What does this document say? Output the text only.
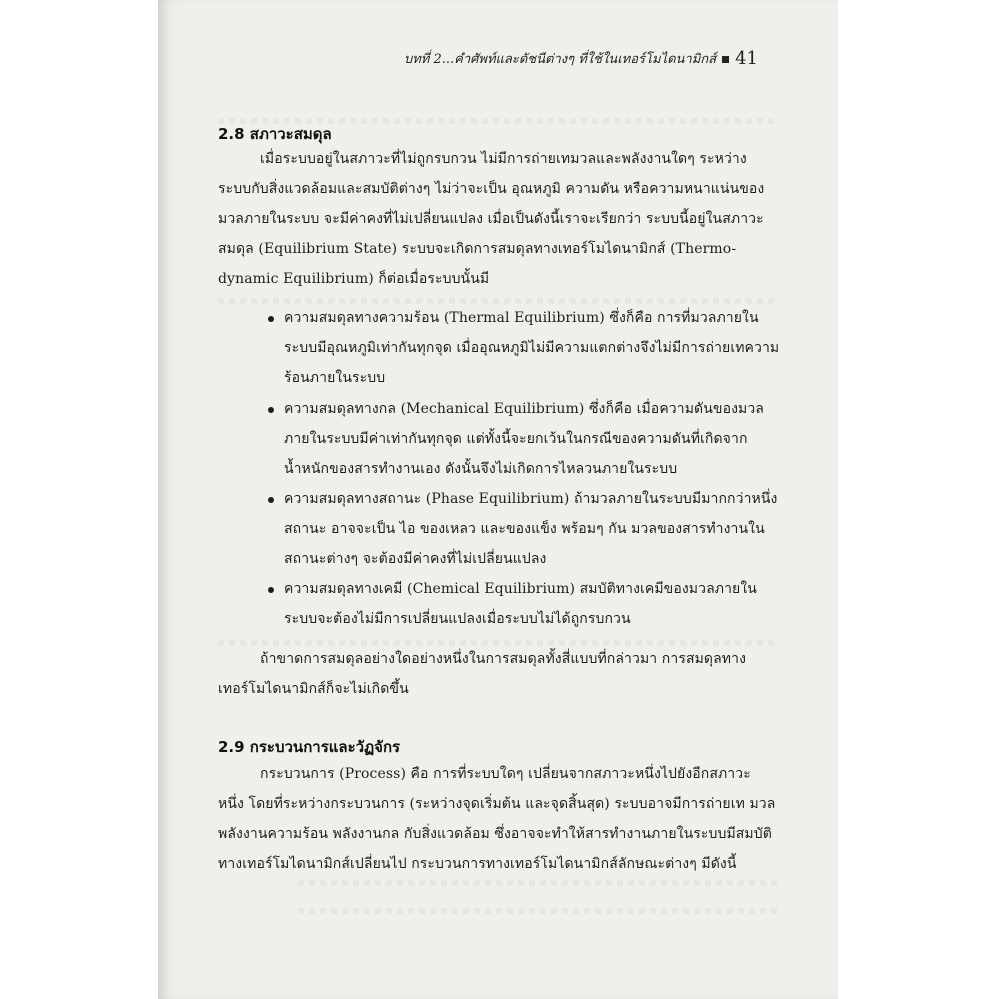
บทที่ 2...คำศัพท์และดัชนีต่างๆ ที่ใช้ในเทอร์โมไดนามิกส์ 41
2.8 สภาวะสมดุล
เมื่อระบบอยู่ในสภาวะที่ไม่ถูกรบกวน ไม่มีการถ่ายเทมวลและพลังงานใดๆ ระหว่าง
ระบบกับสิ่งแวดล้อมและสมบัติต่างๆ ไม่ว่าจะเป็น อุณหภูมิ ความดัน หรือความหนาแน่นของ
มวลภายในระบบ จะมีค่าคงที่ไม่เปลี่ยนแปลง เมื่อเป็นดังนี้เราจะเรียกว่า ระบบนี้อยู่ในสภาวะ
สมดุล (Equilibrium State) ระบบจะเกิดการสมดุลทางเทอร์โมไดนามิกส์ (Thermo-
dynamic Equilibrium) ก็ต่อเมื่อระบบนั้นมี
ความสมดุลทางความร้อน (Thermal Equilibrium) ซึ่งก็คือ การที่มวลภายใน
ระบบมีอุณหภูมิเท่ากันทุกจุด เมื่ออุณหภูมิไม่มีความแตกต่างจึงไม่มีการถ่ายเทความ
ร้อนภายในระบบ
ความสมดุลทางกล (Mechanical Equilibrium) ซึ่งก็คือ เมื่อความดันของมวล
ภายในระบบมีค่าเท่ากันทุกจุด แต่ทั้งนี้จะยกเว้นในกรณีของความดันที่เกิดจาก
น้ำหนักของสารทำงานเอง ดังนั้นจึงไม่เกิดการไหลวนภายในระบบ
ความสมดุลทางสถานะ (Phase Equilibrium) ถ้ามวลภายในระบบมีมากกว่าหนึ่ง
สถานะ อาจจะเป็น ไอ ของเหลว และของแข็ง พร้อมๆ กัน มวลของสารทำงานใน
สถานะต่างๆ จะต้องมีค่าคงที่ไม่เปลี่ยนแปลง
ความสมดุลทางเคมี (Chemical Equilibrium) สมบัติทางเคมีของมวลภายใน
ระบบจะต้องไม่มีการเปลี่ยนแปลงเมื่อระบบไม่ได้ถูกรบกวน
ถ้าขาดการสมดุลอย่างใดอย่างหนึ่งในการสมดุลทั้งสี่แบบที่กล่าวมา การสมดุลทาง
เทอร์โมไดนามิกส์ก็จะไม่เกิดขึ้น
2.9 กระบวนการและวัฏจักร
กระบวนการ (Process) คือ การที่ระบบใดๆ เปลี่ยนจากสภาวะหนึ่งไปยังอีกสภาวะ
หนึ่ง โดยที่ระหว่างกระบวนการ (ระหว่างจุดเริ่มต้น และจุดสิ้นสุด) ระบบอาจมีการถ่ายเท มวล
พลังงานความร้อน พลังงานกล กับสิ่งแวดล้อม ซึ่งอาจจะทำให้สารทำงานภายในระบบมีสมบัติ
ทางเทอร์โมไดนามิกส์เปลี่ยนไป กระบวนการทางเทอร์โมไดนามิกส์ลักษณะต่างๆ มีดังนี้
